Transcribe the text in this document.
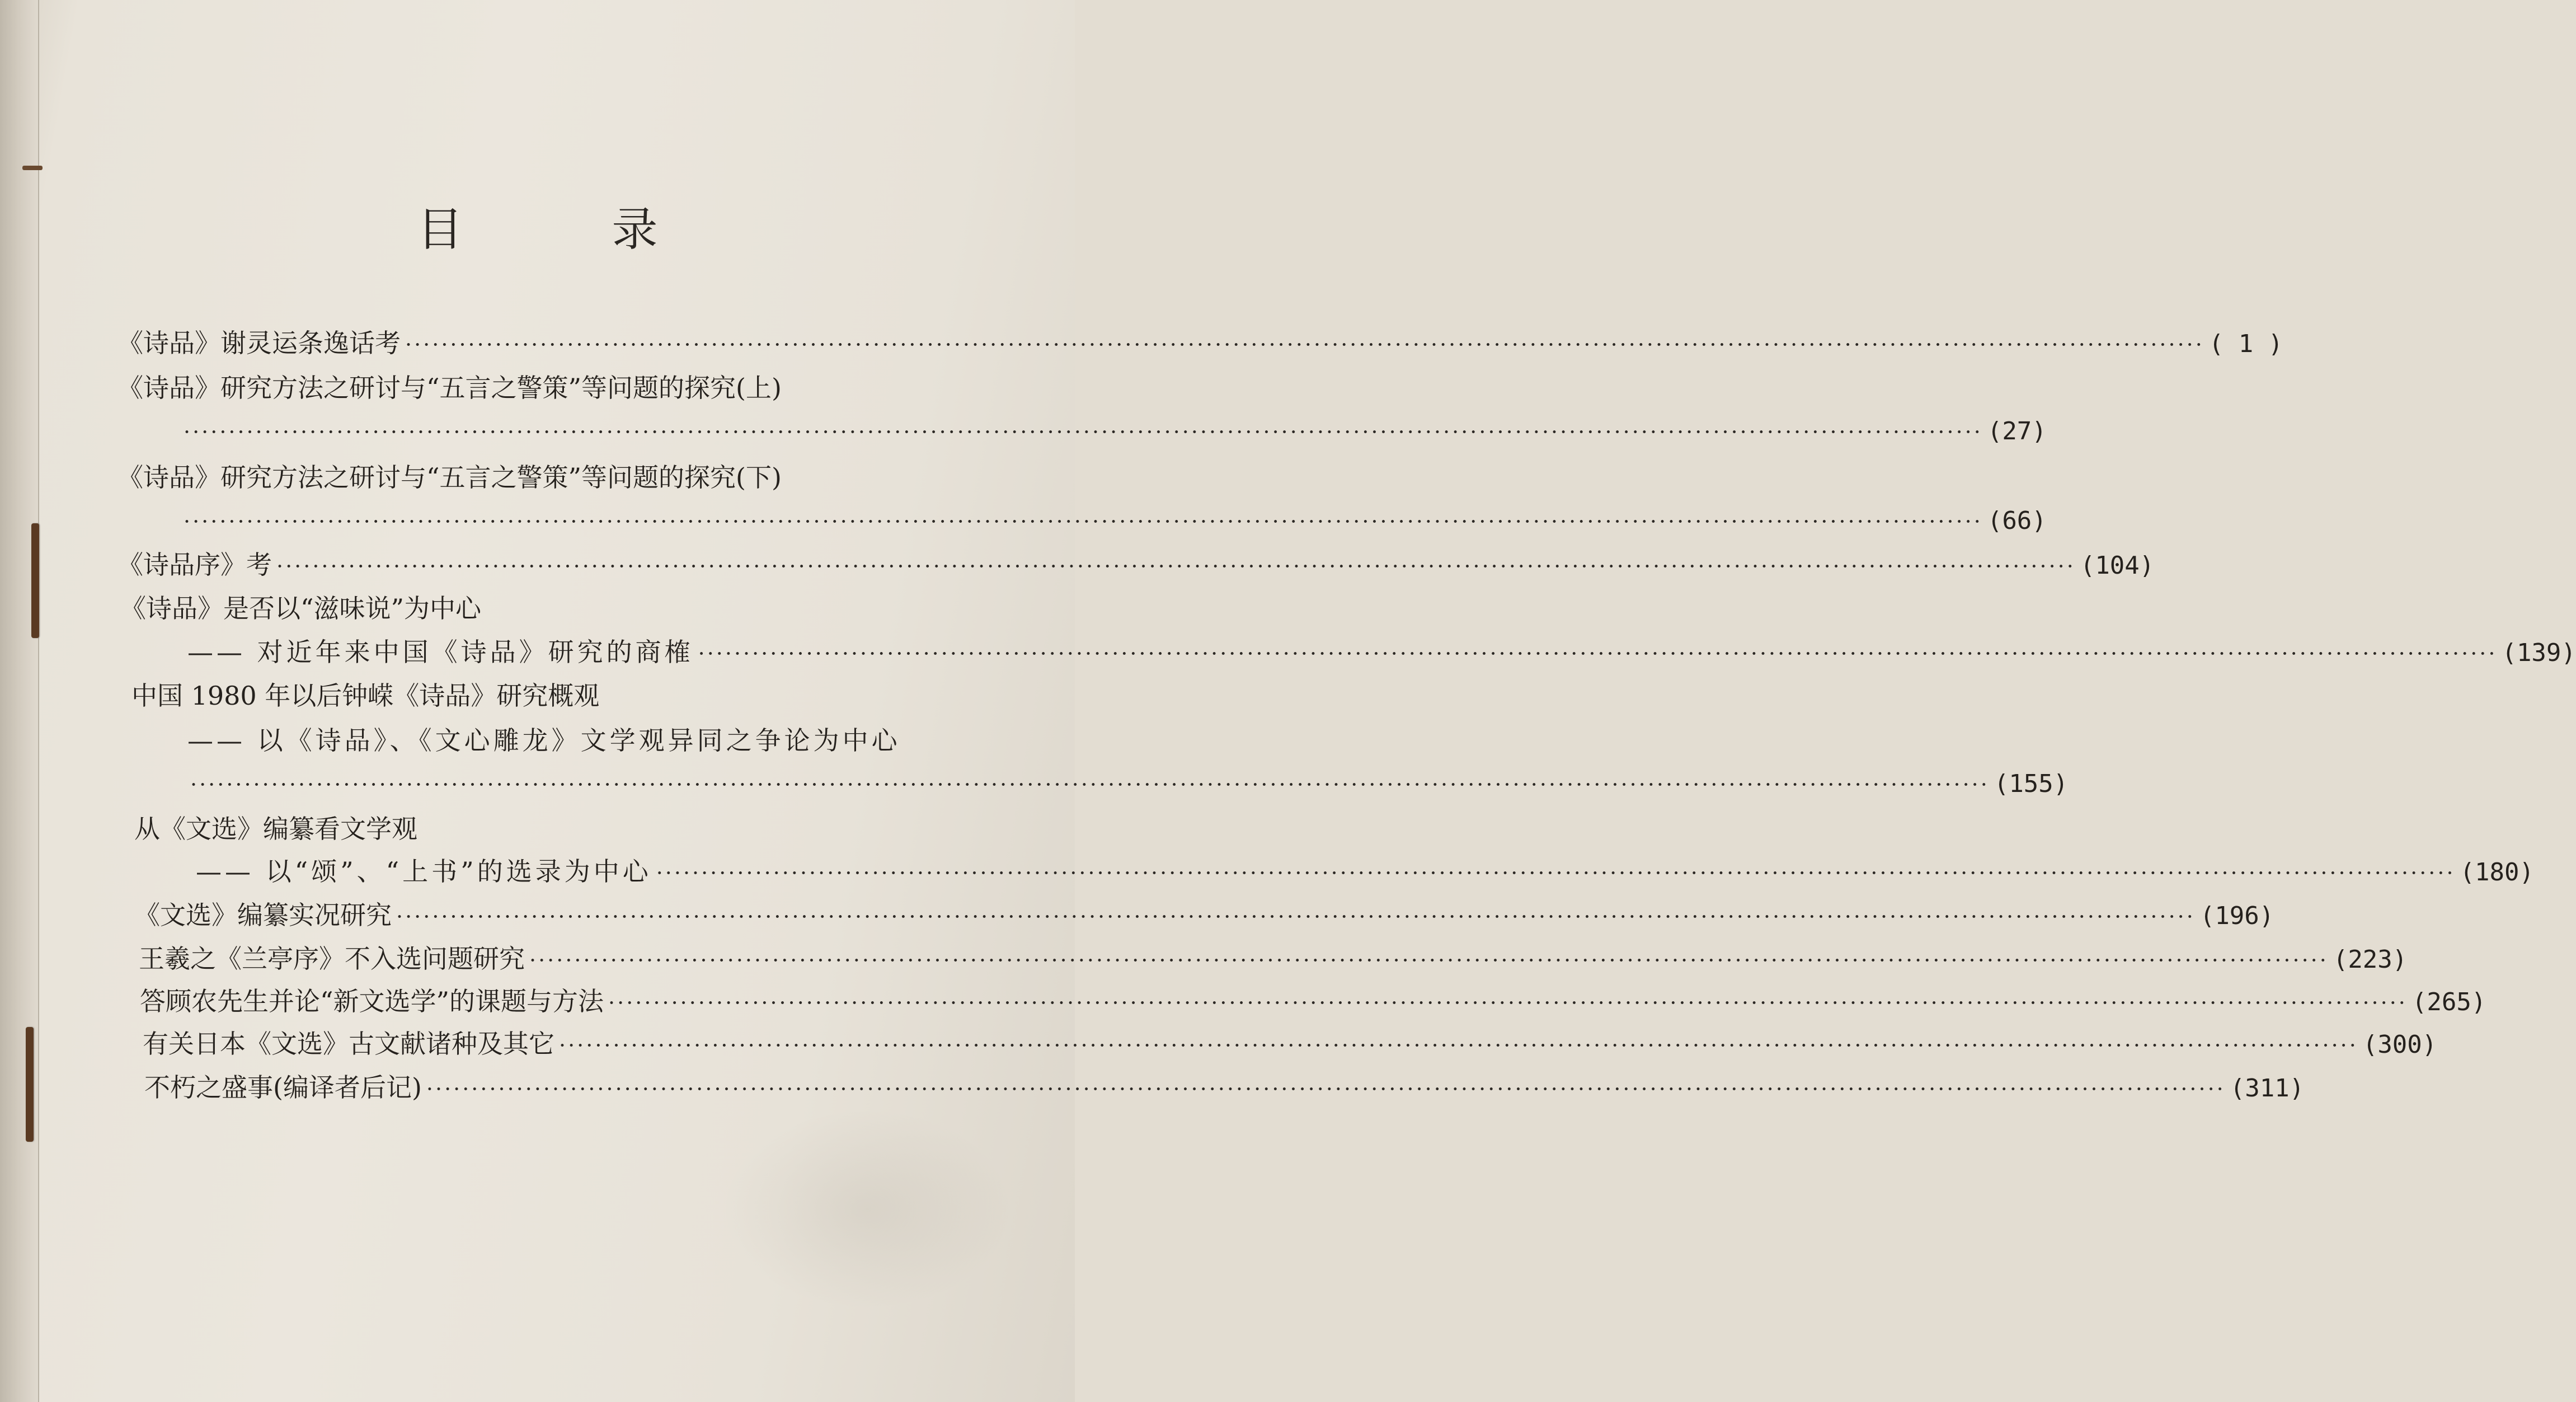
目 录
《诗品》谢灵运条逸话考 ········································································································································································································ ( 1 )
《诗品》研究方法之研讨与“五言之警策”等问题的探究(上)
········································································································································································································ (27)
《诗品》研究方法之研讨与“五言之警策”等问题的探究(下)
········································································································································································································ (66)
《诗品序》考 ········································································································································································································ (104)
《诗品》是否以“滋味说”为中心
—— 对近年来中国《诗品》研究的商榷 ········································································································································································································ (139)
中国 1980 年以后钟嵘《诗品》研究概观
—— 以《诗品》、《文心雕龙》文学观异同之争论为中心
········································································································································································································ (155)
从《文选》编纂看文学观
—— 以“颂”、“上书”的选录为中心 ········································································································································································································ (180)
《文选》编纂实况研究 ········································································································································································································ (196)
王羲之《兰亭序》不入选问题研究 ········································································································································································································ (223)
答顾农先生并论“新文选学”的课题与方法 ········································································································································································································ (265)
有关日本《文选》古文献诸种及其它 ········································································································································································································ (300)
不朽之盛事(编译者后记) ········································································································································································································ (311)
